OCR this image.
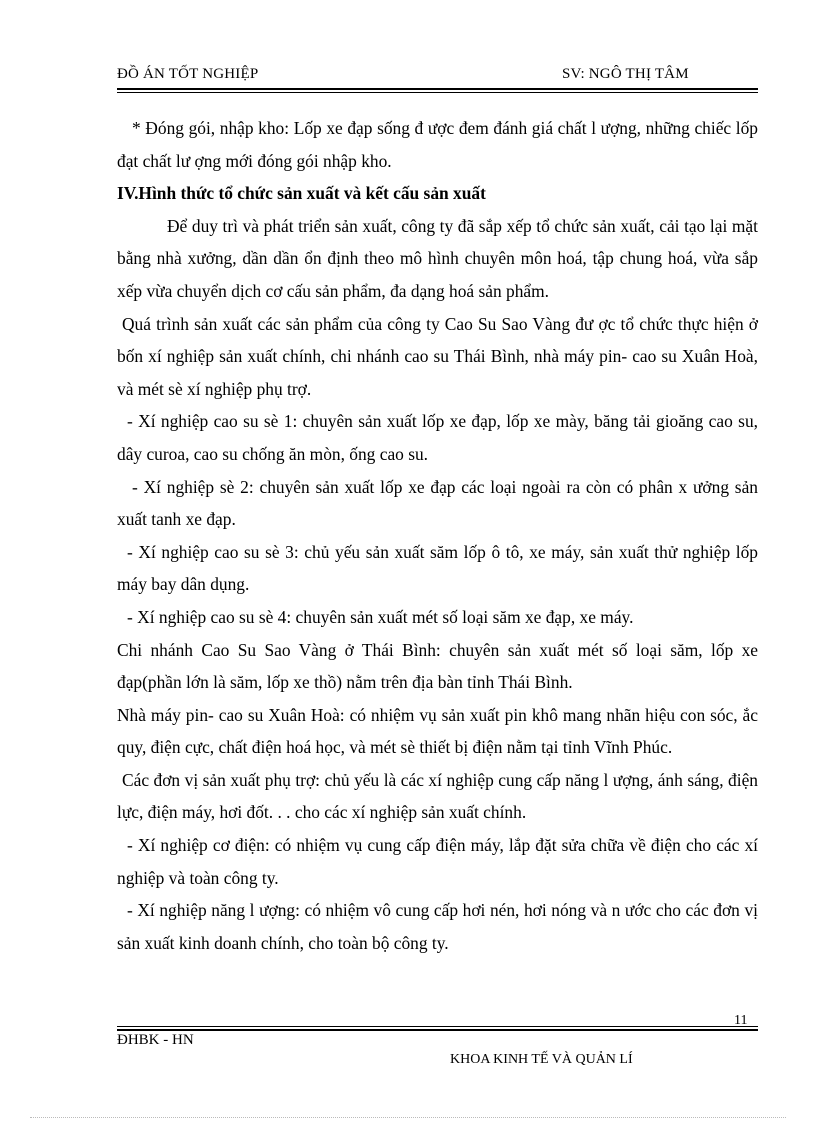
ĐỒ ÁN TỐT NGHIỆP	SV: NGÔ THỊ TÂM

* Đóng gói, nhập kho: Lốp xe đạp sống đ ược đem đánh giá chất l ượng, những chiếc lốp đạt chất lư ợng mới đóng gói nhập kho.

IV.Hình thức tổ chức sản xuất và kết cấu sản xuất

Để duy trì và phát triển sản xuất, công ty đã sắp xếp tổ chức sản xuất, cải tạo lại mặt bằng nhà xưởng, dần dần ổn định theo mô hình chuyên môn hoá, tập chung hoá, vừa sắp xếp vừa chuyển dịch cơ cấu sản phẩm, đa dạng hoá sản phẩm.

Quá trình sản xuất các sản phẩm của công ty Cao Su Sao Vàng đư ợc tổ chức thực hiện ở bốn xí nghiệp sản xuất chính, chi nhánh cao su Thái Bình, nhà máy pin- cao su Xuân Hoà, và mét sè xí nghiệp phụ trợ.

- Xí nghiệp cao su sè 1: chuyên sản xuất lốp xe đạp, lốp xe mày, băng tải gioăng cao su, dây curoa, cao su chống ăn mòn, ống cao su.

- Xí nghiệp sè 2: chuyên sản xuất lốp xe đạp các loại ngoài ra còn có phân x ưởng sản xuất tanh xe đạp.

- Xí nghiệp cao su sè 3: chủ yếu sản xuất săm lốp ô tô, xe máy, sản xuất thử nghiệp lốp máy bay dân dụng.

- Xí nghiệp cao su sè 4: chuyên sản xuất mét số loại săm xe đạp, xe máy.

Chi nhánh Cao Su Sao Vàng ở Thái Bình: chuyên sản xuất mét số loại săm, lốp xe đạp(phần lớn là săm, lốp xe thồ) nằm trên địa bàn tỉnh Thái Bình.

Nhà máy pin- cao su Xuân Hoà: có nhiệm vụ sản xuất pin khô mang nhãn hiệu con sóc, ắc quy, điện cực, chất điện hoá học, và mét sè thiết bị điện nằm tại tỉnh Vĩnh Phúc.

Các đơn vị sản xuất phụ trợ: chủ yếu là các xí nghiệp cung cấp năng l ượng, ánh sáng, điện lực, điện máy, hơi đốt. . . cho các xí nghiệp sản xuất chính.

- Xí nghiệp cơ điện: có nhiệm vụ cung cấp điện máy, lắp đặt sửa chữa về điện cho các xí nghiệp và toàn công ty.

- Xí nghiệp năng l ượng: có nhiệm vô cung cấp hơi nén, hơi nóng và n ước cho các đơn vị sản xuất kinh doanh chính, cho toàn bộ công ty.

11
ĐHBK - HN
KHOA KINH TẾ VÀ QUẢN LÍ
